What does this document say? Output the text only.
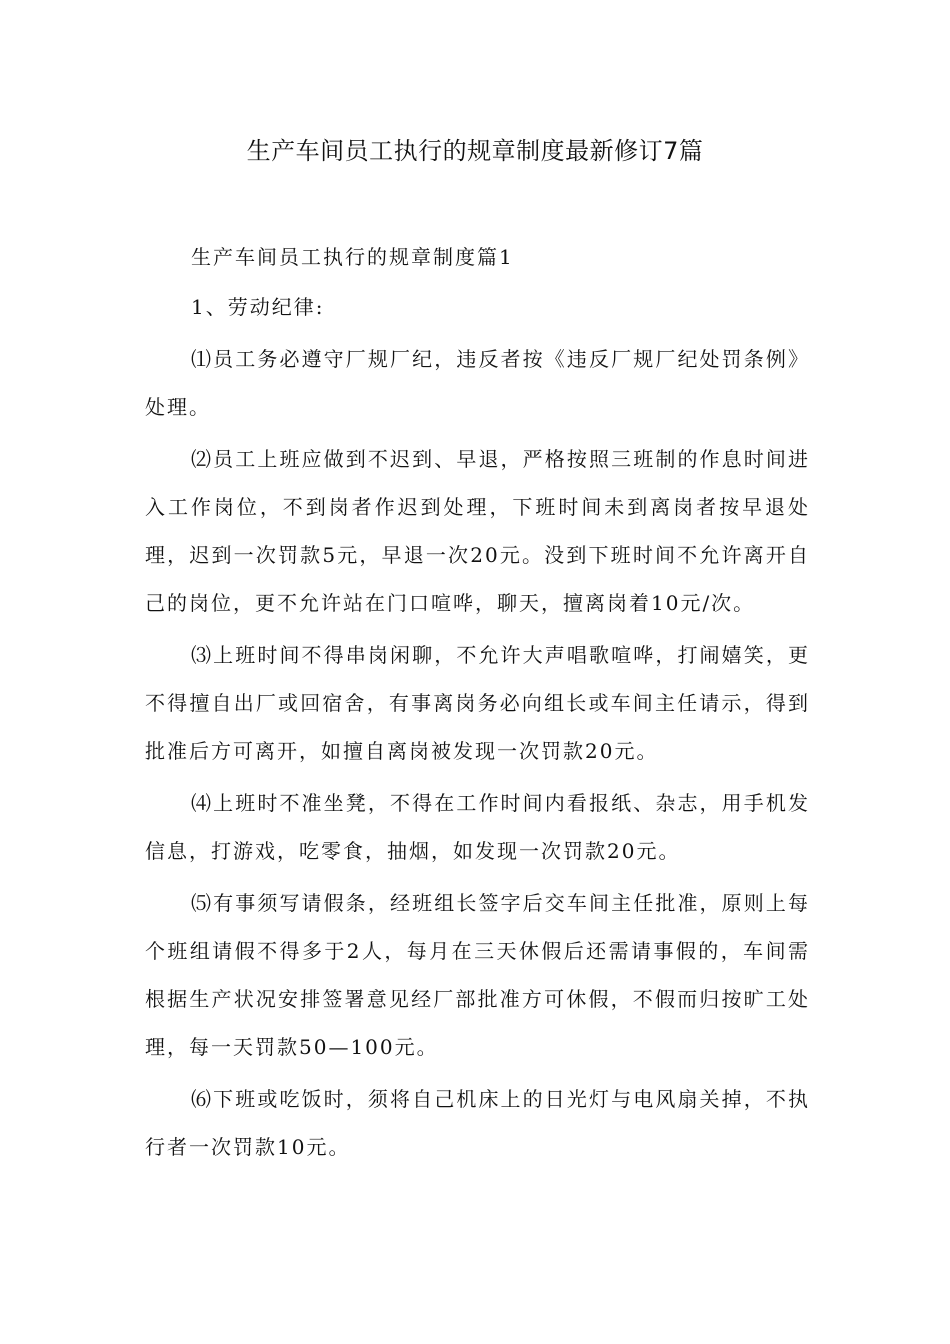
生产车间员工执行的规章制度最新修订7篇

生产车间员工执行的规章制度篇1

1、劳动纪律:

⑴员工务必遵守厂规厂纪，违反者按《违反厂规厂纪处罚条例》处理。

⑵员工上班应做到不迟到、早退，严格按照三班制的作息时间进入工作岗位，不到岗者作迟到处理，下班时间未到离岗者按早退处理，迟到一次罚款5元，早退一次20元。没到下班时间不允许离开自己的岗位，更不允许站在门口喧哗，聊天，擅离岗着10元/次。

⑶上班时间不得串岗闲聊，不允许大声唱歌喧哗，打闹嬉笑，更不得擅自出厂或回宿舍，有事离岗务必向组长或车间主任请示，得到批准后方可离开，如擅自离岗被发现一次罚款20元。

⑷上班时不准坐凳，不得在工作时间内看报纸、杂志，用手机发信息，打游戏，吃零食，抽烟，如发现一次罚款20元。

⑸有事须写请假条，经班组长签字后交车间主任批准，原则上每个班组请假不得多于2人，每月在三天休假后还需请事假的，车间需根据生产状况安排签署意见经厂部批准方可休假，不假而归按旷工处理，每一天罚款50—100元。

⑹下班或吃饭时，须将自己机床上的日光灯与电风扇关掉，不执行者一次罚款10元。
